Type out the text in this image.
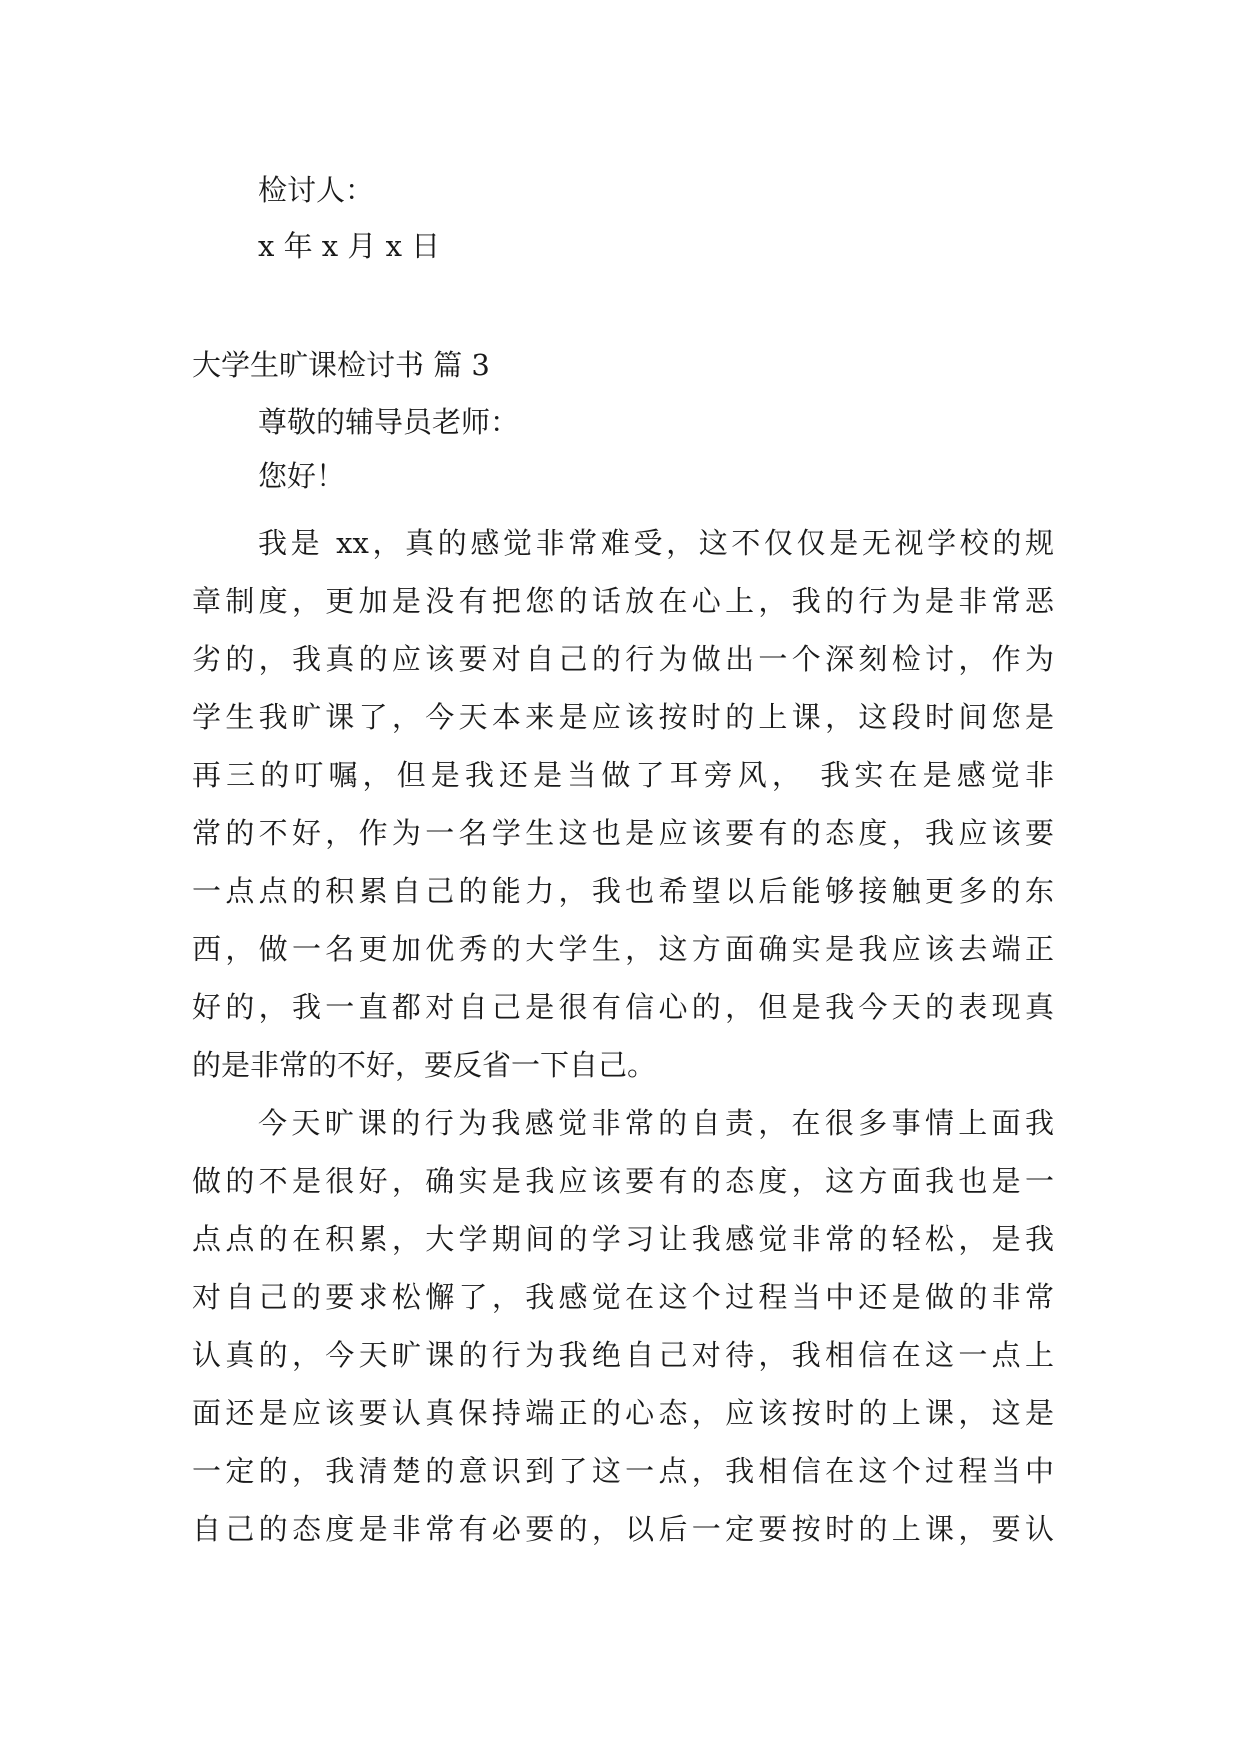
检讨人：

x 年 x 月 x 日

大学生旷课检讨书 篇 3

尊敬的辅导员老师：

您好！

我是 xx，真的感觉非常难受，这不仅仅是无视学校的规
章制度，更加是没有把您的话放在心上，我的行为是非常恶
劣的，我真的应该要对自己的行为做出一个深刻检讨，作为
学生我旷课了，今天本来是应该按时的上课，这段时间您是
再三的叮嘱，但是我还是当做了耳旁风， 我实在是感觉非
常的不好，作为一名学生这也是应该要有的态度，我应该要
一点点的积累自己的能力，我也希望以后能够接触更多的东
西，做一名更加优秀的大学生，这方面确实是我应该去端正
好的，我一直都对自己是很有信心的，但是我今天的表现真
的是非常的不好，要反省一下自己。
今天旷课的行为我感觉非常的自责，在很多事情上面我
做的不是很好，确实是我应该要有的态度，这方面我也是一
点点的在积累，大学期间的学习让我感觉非常的轻松，是我
对自己的要求松懈了，我感觉在这个过程当中还是做的非常
认真的，今天旷课的行为我绝自己对待，我相信在这一点上
面还是应该要认真保持端正的心态，应该按时的上课，这是
一定的，我清楚的意识到了这一点，我相信在这个过程当中
自己的态度是非常有必要的，以后一定要按时的上课，要认
